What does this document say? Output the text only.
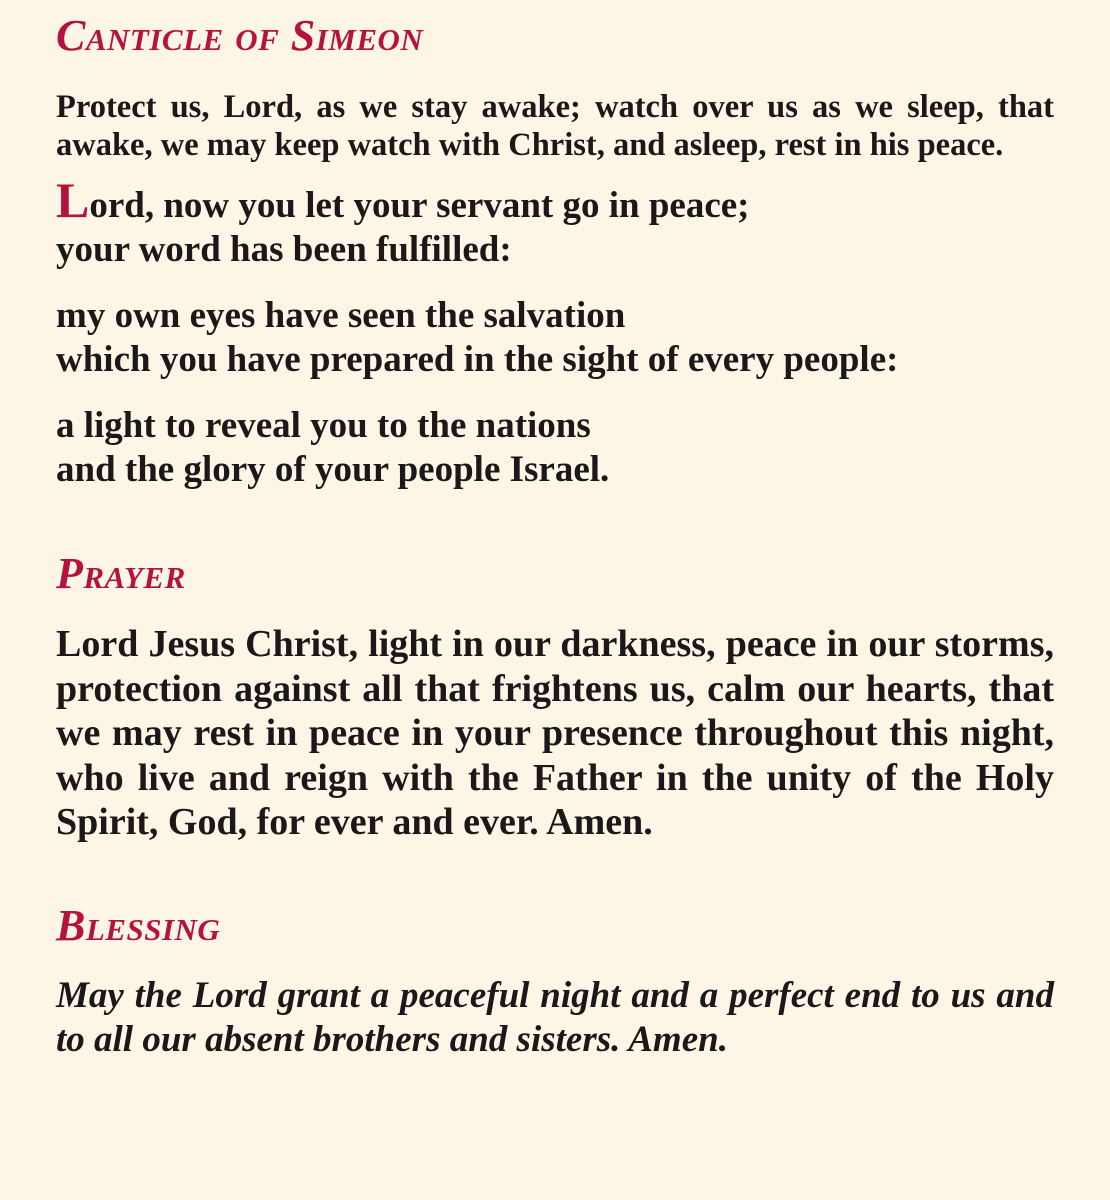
Canticle of Simeon

Protect us, Lord, as we stay awake; watch over us as we sleep, that awake, we may keep watch with Christ, and asleep, rest in his peace.

Lord, now you let your servant go in peace;
your word has been fulfilled:

my own eyes have seen the salvation
which you have prepared in the sight of every people:

a light to reveal you to the nations
and the glory of your people Israel.

Prayer

Lord Jesus Christ, light in our darkness, peace in our storms, protection against all that frightens us, calm our hearts, that we may rest in peace in your presence throughout this night, who live and reign with the Father in the unity of the Holy Spirit, God, for ever and ever. Amen.

Blessing

May the Lord grant a peaceful night and a perfect end to us and to all our absent brothers and sisters. Amen.
